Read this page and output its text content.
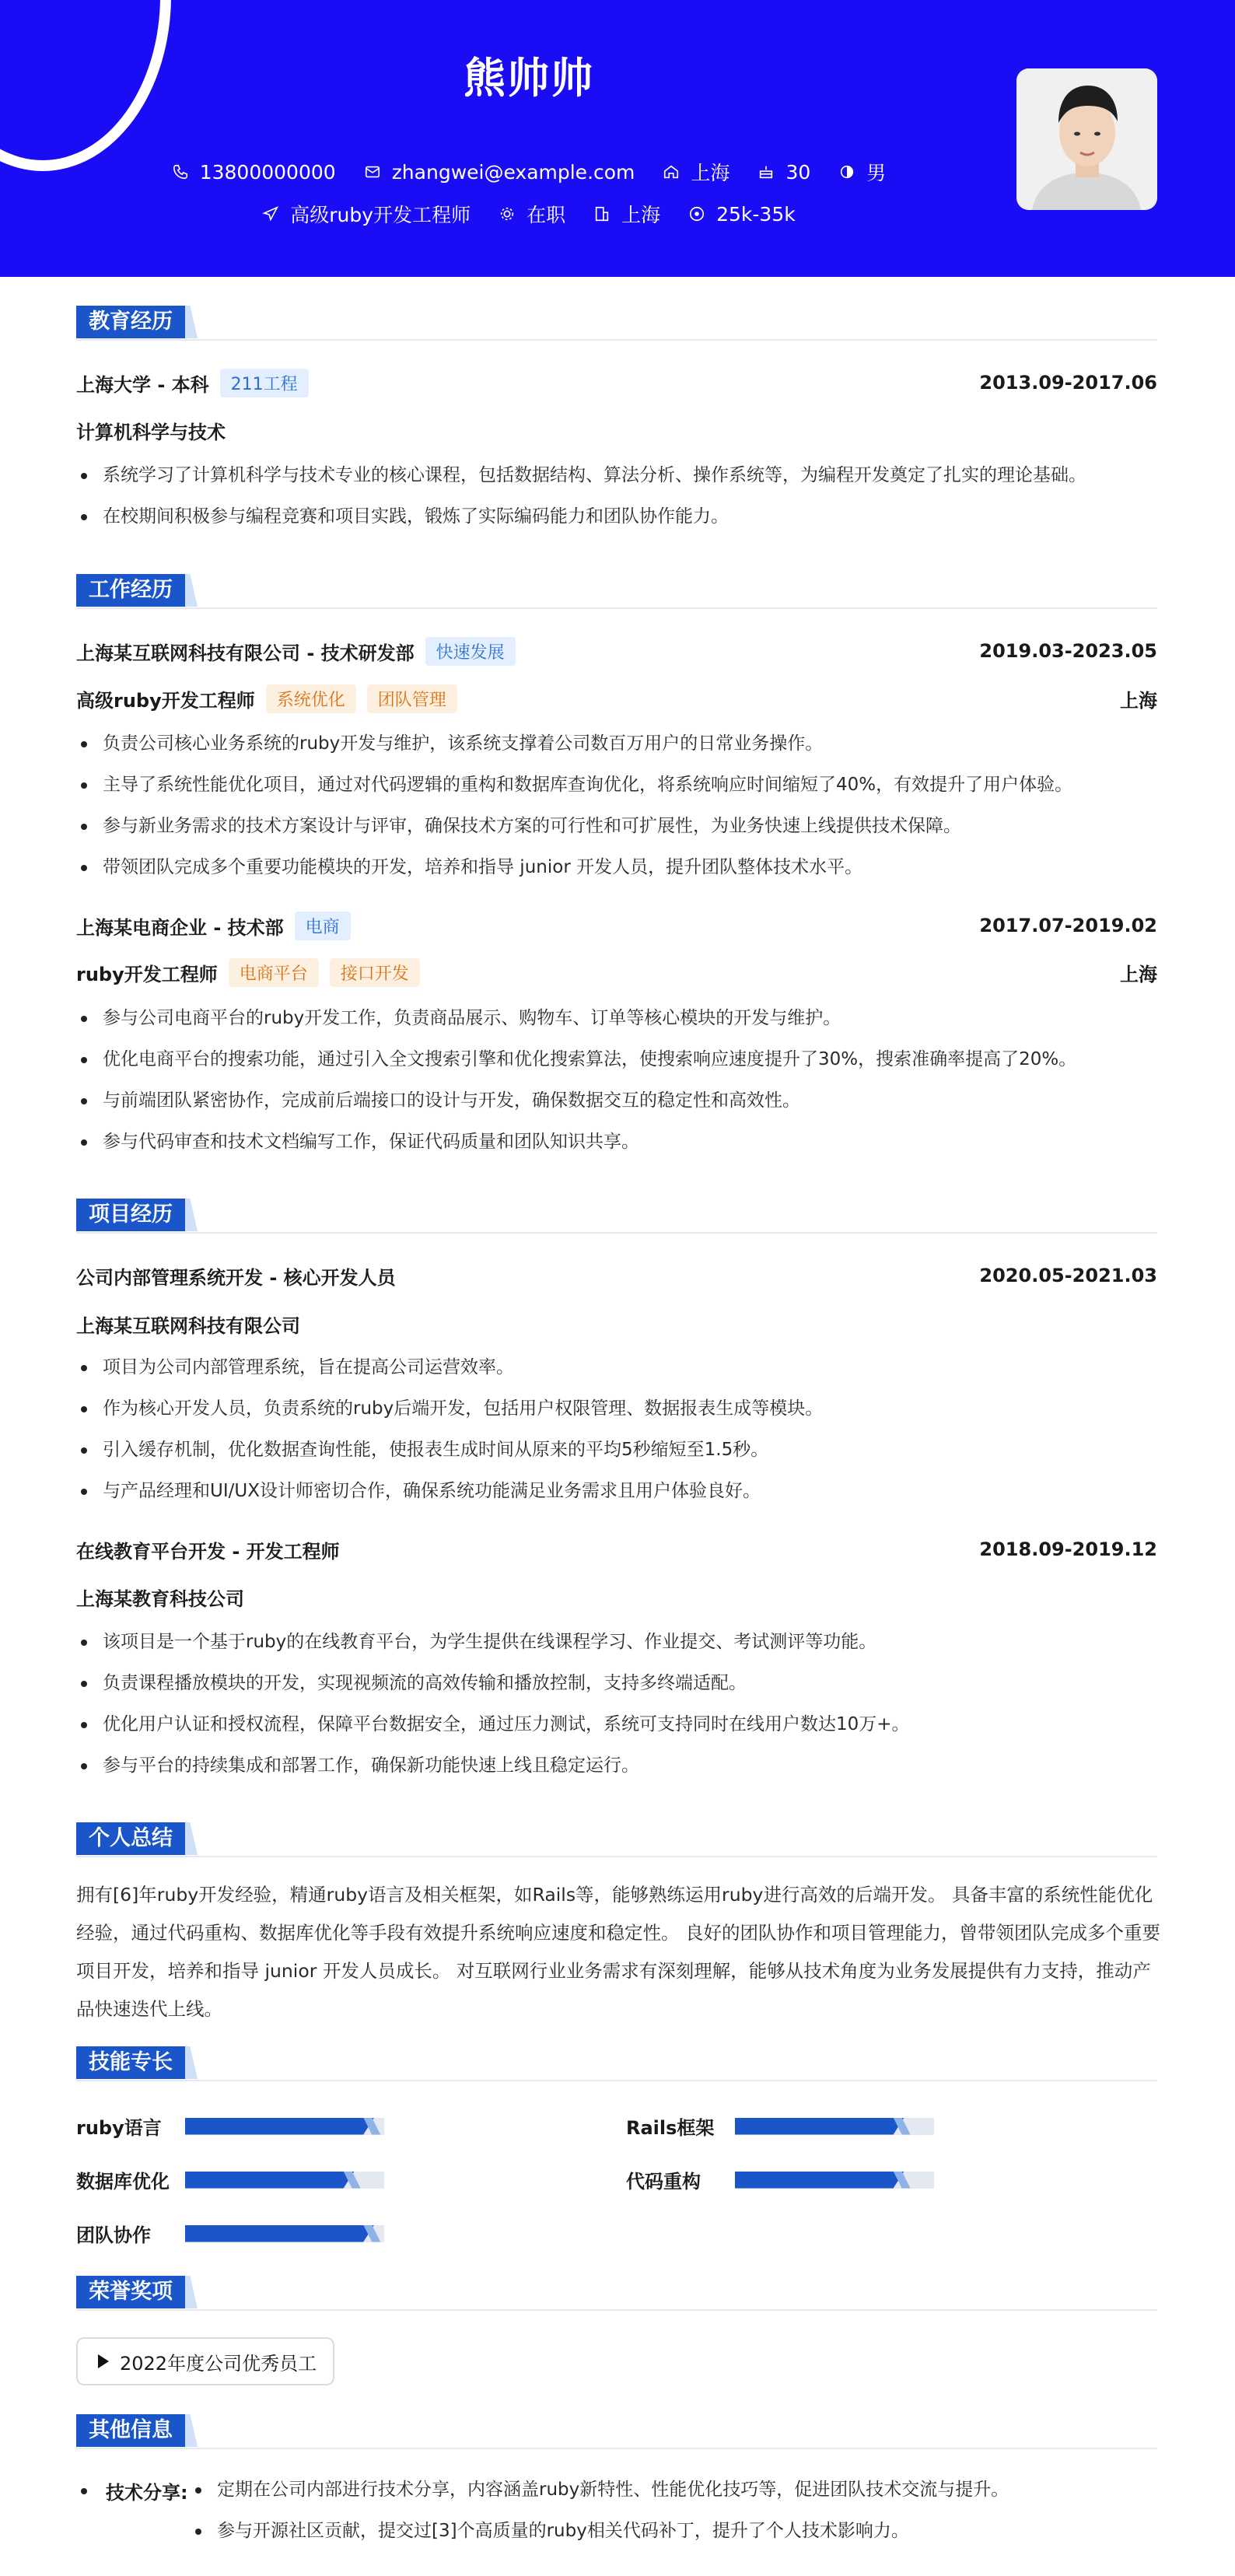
熊帅帅
13800000000	zhangwei@example.com	上海	30	男
高级ruby开发工程师	在职	上海	25k-35k
教育经历
上海大学 - 本科	211工程	2013.09-2017.06
计算机科学与技术
系统学习了计算机科学与技术专业的核心课程，包括数据结构、算法分析、操作系统等，为编程开发奠定了扎实的理论基础。
在校期间积极参与编程竞赛和项目实践，锻炼了实际编码能力和团队协作能力。
工作经历
上海某互联网科技有限公司 - 技术研发部	快速发展	2019.03-2023.05
高级ruby开发工程师	系统优化	团队管理	上海
负责公司核心业务系统的ruby开发与维护，该系统支撑着公司数百万用户的日常业务操作。
主导了系统性能优化项目，通过对代码逻辑的重构和数据库查询优化，将系统响应时间缩短了40%，有效提升了用户体验。
参与新业务需求的技术方案设计与评审，确保技术方案的可行性和可扩展性，为业务快速上线提供技术保障。
带领团队完成多个重要功能模块的开发，培养和指导 junior 开发人员，提升团队整体技术水平。
上海某电商企业 - 技术部	电商	2017.07-2019.02
ruby开发工程师	电商平台	接口开发	上海
参与公司电商平台的ruby开发工作，负责商品展示、购物车、订单等核心模块的开发与维护。
优化电商平台的搜索功能，通过引入全文搜索引擎和优化搜索算法，使搜索响应速度提升了30%，搜索准确率提高了20%。
与前端团队紧密协作，完成前后端接口的设计与开发，确保数据交互的稳定性和高效性。
参与代码审查和技术文档编写工作，保证代码质量和团队知识共享。
项目经历
公司内部管理系统开发 - 核心开发人员	2020.05-2021.03
上海某互联网科技有限公司
项目为公司内部管理系统，旨在提高公司运营效率。
作为核心开发人员，负责系统的ruby后端开发，包括用户权限管理、数据报表生成等模块。
引入缓存机制，优化数据查询性能，使报表生成时间从原来的平均5秒缩短至1.5秒。
与产品经理和UI/UX设计师密切合作，确保系统功能满足业务需求且用户体验良好。
在线教育平台开发 - 开发工程师	2018.09-2019.12
上海某教育科技公司
该项目是一个基于ruby的在线教育平台，为学生提供在线课程学习、作业提交、考试测评等功能。
负责课程播放模块的开发，实现视频流的高效传输和播放控制，支持多终端适配。
优化用户认证和授权流程，保障平台数据安全，通过压力测试，系统可支持同时在线用户数达10万+。
参与平台的持续集成和部署工作，确保新功能快速上线且稳定运行。
个人总结
拥有[6]年ruby开发经验，精通ruby语言及相关框架，如Rails等，能够熟练运用ruby进行高效的后端开发。 具备丰富的系统性能优化经验，通过代码重构、数据库优化等手段有效提升系统响应速度和稳定性。 良好的团队协作和项目管理能力，曾带领团队完成多个重要项目开发，培养和指导 junior 开发人员成长。 对互联网行业业务需求有深刻理解，能够从技术角度为业务发展提供有力支持，推动产品快速迭代上线。
技能专长
ruby语言	Rails框架
数据库优化	代码重构
团队协作
荣誉奖项
2022年度公司优秀员工
其他信息
技术分享:	定期在公司内部进行技术分享，内容涵盖ruby新特性、性能优化技巧等，促进团队技术交流与提升。
参与开源社区贡献，提交过[3]个高质量的ruby相关代码补丁，提升了个人技术影响力。
